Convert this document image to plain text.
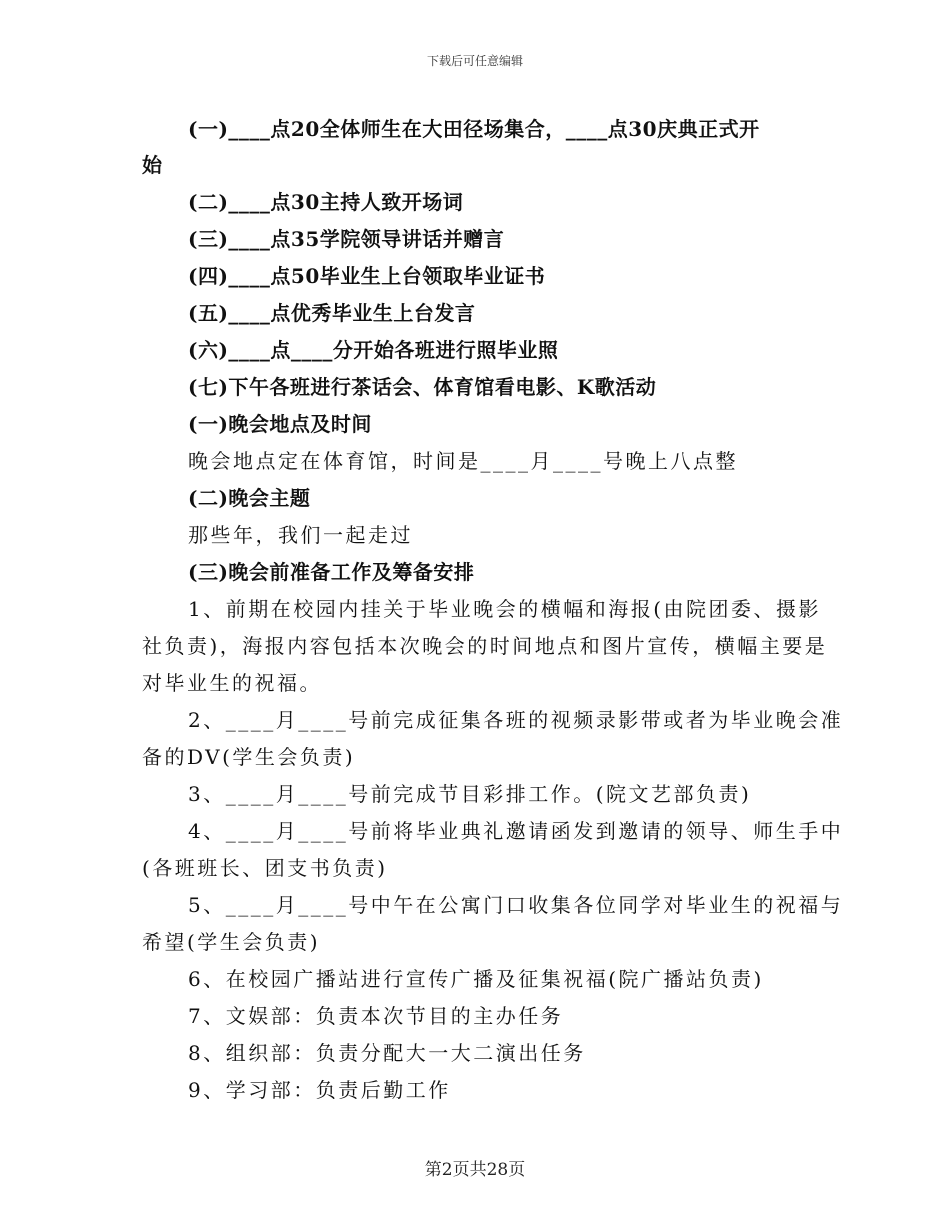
下载后可任意编辑
(一)____点20全体师生在大田径场集合，____点30庆典正式开
始
(二)____点30主持人致开场词
(三)____点35学院领导讲话并赠言
(四)____点50毕业生上台领取毕业证书
(五)____点优秀毕业生上台发言
(六)____点____分开始各班进行照毕业照
(七)下午各班进行茶话会、体育馆看电影、K歌活动
(一)晚会地点及时间
晚会地点定在体育馆，时间是____月____号晚上八点整
(二)晚会主题
那些年，我们一起走过
(三)晚会前准备工作及筹备安排
1、前期在校园内挂关于毕业晚会的横幅和海报(由院团委、摄影
社负责)，海报内容包括本次晚会的时间地点和图片宣传，横幅主要是
对毕业生的祝福。
2、____月____号前完成征集各班的视频录影带或者为毕业晚会准
备的DV(学生会负责)
3、____月____号前完成节目彩排工作。(院文艺部负责)
4、____月____号前将毕业典礼邀请函发到邀请的领导、师生手中
(各班班长、团支书负责)
5、____月____号中午在公寓门口收集各位同学对毕业生的祝福与
希望(学生会负责)
6、在校园广播站进行宣传广播及征集祝福(院广播站负责)
7、文娱部：负责本次节目的主办任务
8、组织部：负责分配大一大二演出任务
9、学习部：负责后勤工作
第2页共28页
